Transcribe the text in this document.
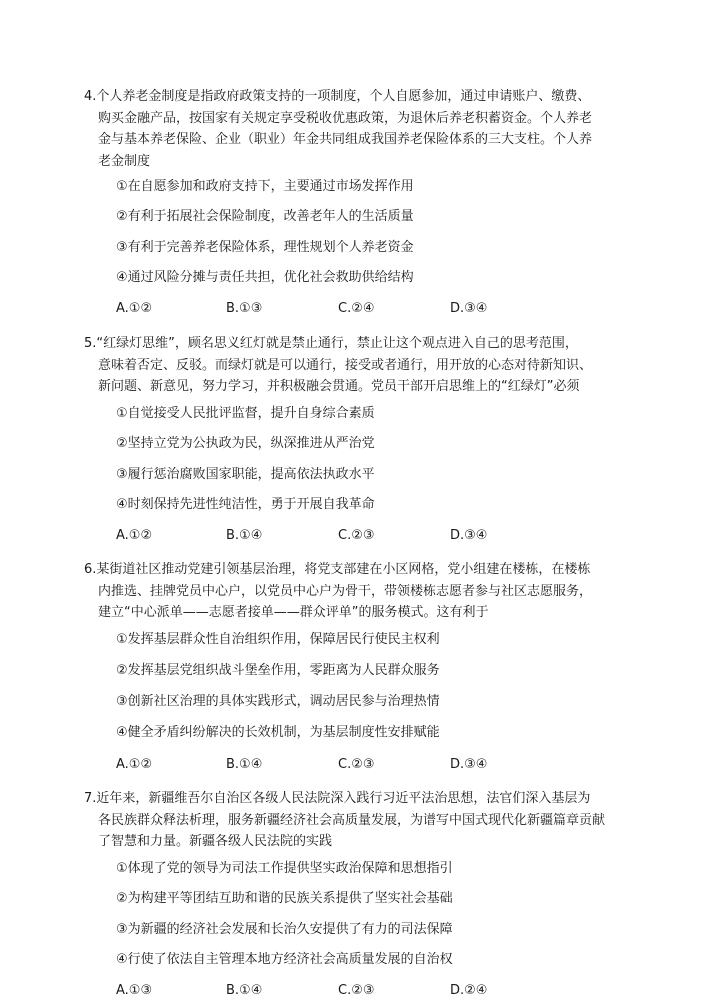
4.个人养老金制度是指政府政策支持的一项制度，个人自愿参加，通过申请账户、缴费、
购买金融产品，按国家有关规定享受税收优惠政策，为退休后养老积蓄资金。个人养老
金与基本养老保险、企业（职业）年金共同组成我国养老保险体系的三大支柱。个人养
老金制度

①在自愿参加和政府支持下，主要通过市场发挥作用
②有利于拓展社会保险制度，改善老年人的生活质量
③有利于完善养老保险体系，理性规划个人养老资金
④通过风险分摊与责任共担，优化社会救助供给结构
A.①②	B.①③	C.②④	D.③④

5.“红绿灯思维”，顾名思义红灯就是禁止通行，禁止让这个观点进入自己的思考范围，
意味着否定、反驳。而绿灯就是可以通行，接受或者通行，用开放的心态对待新知识、
新问题、新意见，努力学习，并积极融会贯通。党员干部开启思维上的“红绿灯”必须

①自觉接受人民批评监督，提升自身综合素质
②坚持立党为公执政为民，纵深推进从严治党
③履行惩治腐败国家职能，提高依法执政水平
④时刻保持先进性纯洁性，勇于开展自我革命
A.①②	B.①④	C.②③	D.③④

6.某街道社区推动党建引领基层治理，将党支部建在小区网格，党小组建在楼栋，在楼栋
内推选、挂牌党员中心户，以党员中心户为骨干，带领楼栋志愿者参与社区志愿服务，
建立“中心派单——志愿者接单——群众评单”的服务模式。这有利于

①发挥基层群众性自治组织作用，保障居民行使民主权利
②发挥基层党组织战斗堡垒作用，零距离为人民群众服务
③创新社区治理的具体实践形式，调动居民参与治理热情
④健全矛盾纠纷解决的长效机制，为基层制度性安排赋能
A.①②	B.①④	C.②③	D.③④

7.近年来，新疆维吾尔自治区各级人民法院深入践行习近平法治思想，法官们深入基层为
各民族群众释法析理，服务新疆经济社会高质量发展，为谱写中国式现代化新疆篇章贡献
了智慧和力量。新疆各级人民法院的实践

①体现了党的领导为司法工作提供坚实政治保障和思想指引
②为构建平等团结互助和谐的民族关系提供了坚实社会基础
③为新疆的经济社会发展和长治久安提供了有力的司法保障
④行使了依法自主管理本地方经济社会高质量发展的自治权
A.①③	B.①④	C.②③	D.②④
